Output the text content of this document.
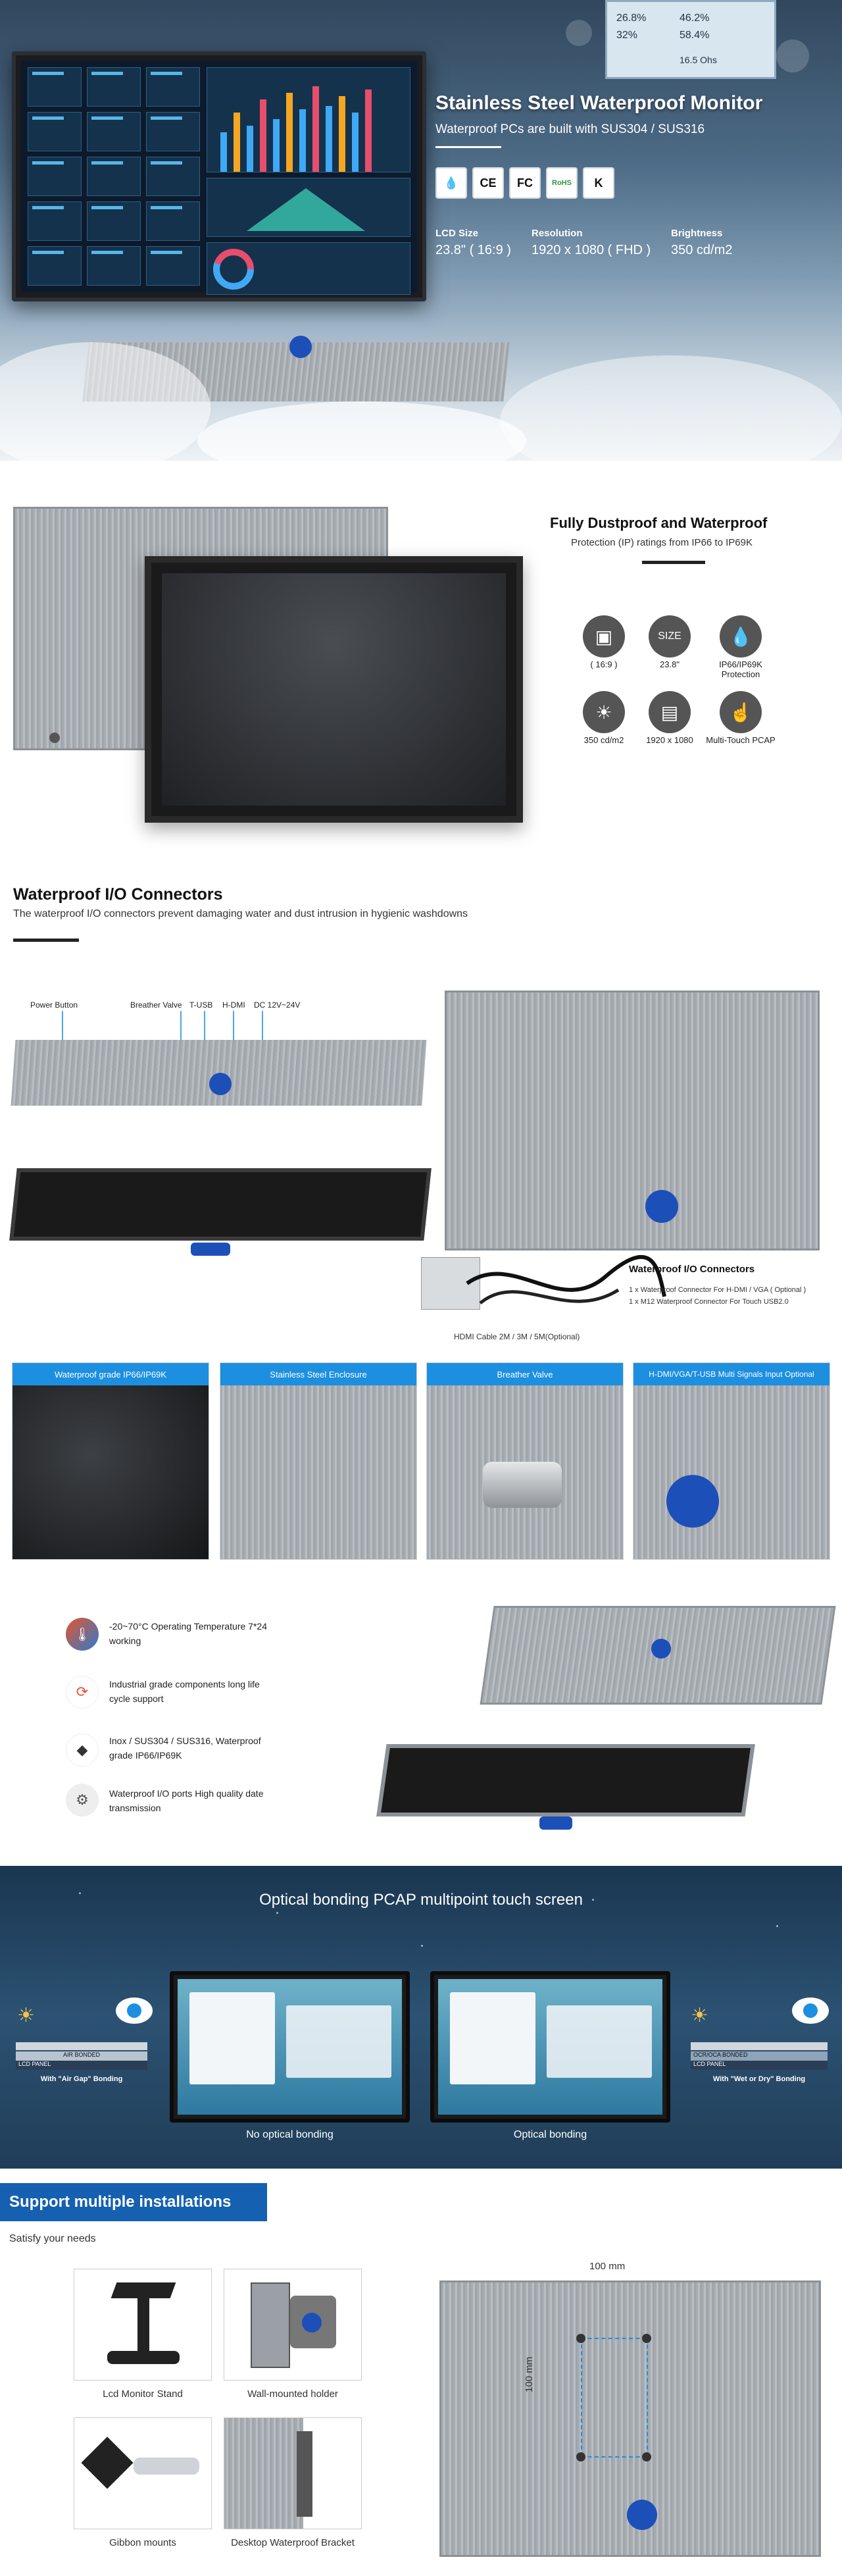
26.8%
32%
46.2%
58.4%
16.5 Ohs
Stainless Steel Waterproof Monitor
Waterproof PCs are built with SUS304 / SUS316
💧	CE	FC	RoHS	K
LCD Size
23.8" ( 16:9 )
Resolution
1920 x 1080 ( FHD )
Brightness
350 cd/m2
Fully Dustproof and Waterproof
Protection (IP) ratings from IP66 to IP69K
▣
( 16:9 )
SIZE
23.8"
💧
IP66/IP69K Protection
☀
350 cd/m2
▤
1920 x 1080
☝
Multi-Touch PCAP
Waterproof I/O Connectors
The waterproof I/O connectors prevent damaging water and dust intrusion in hygienic washdowns
Power Button	Breather Valve T-USB H-DMI DC 12V~24V
Waterproof I/O Connectors
1 x Waterproof Connector For H-DMI / VGA ( Optional )
1 x M12 Waterproof Connector For Touch USB2.0
HDMI Cable 2M / 3M / 5M(Optional)
Waterproof grade IP66/IP69K	Stainless Steel Enclosure	Breather Valve	H-DMI/VGA/T-USB Multi Signals Input Optional
🌡
-20~70°C Operating Temperature 7*24 working
⟳	Industrial grade components long life cycle support
◆
Inox / SUS304 / SUS316, Waterproof grade IP66/IP69K
⚙	Waterproof I/O ports High quality date transmission
Optical bonding PCAP multipoint touch screen
☀
AIR BONDED
LCD PANEL
With "Air Gap" Bonding
No optical bonding	Optical bonding
☀
OCR/OCA BONDED
LCD PANEL
With "Wet or Dry" Bonding
Support multiple installations
Satisfy your needs
Lcd Monitor Stand	Wall-mounted holder
Gibbon mounts	Desktop Waterproof Bracket
100 mm
100 mm
